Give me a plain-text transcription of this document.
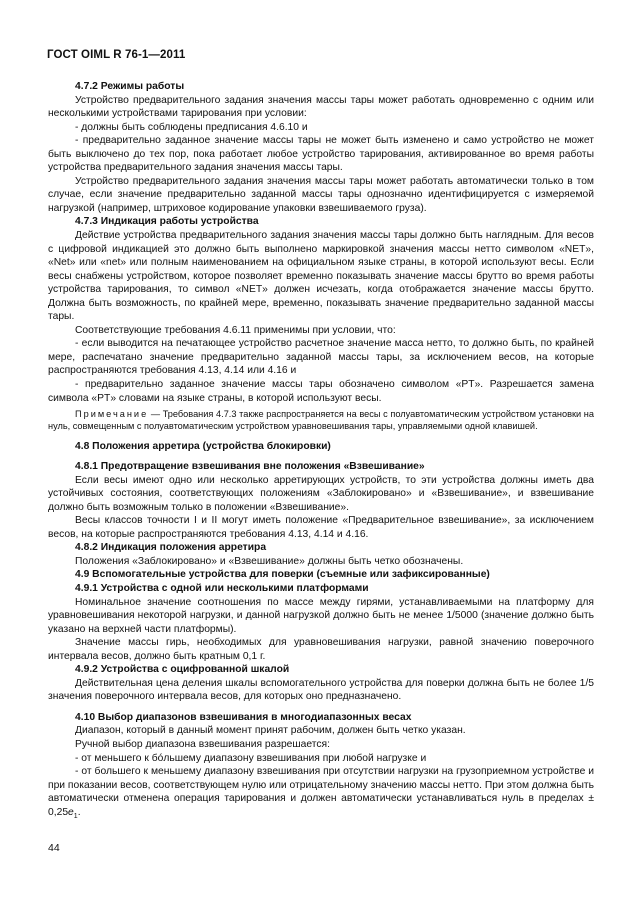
ГОСТ OIML R 76-1—2011
4.7.2 Режимы работы

Устройство предварительного задания значения массы тары может работать одновременно с одним или несколькими устройствами тарирования при условии:

- должны быть соблюдены предписания 4.6.10 и

- предварительно заданное значение массы тары не может быть изменено и само устройство не может быть выключено до тех пор, пока работает любое устройство тарирования, активированное во время работы устройства предварительного задания значения массы тары.

Устройство предварительного задания значения массы тары может работать автоматически только в том случае, если значение предварительно заданной массы тары однозначно идентифицируется с измеряемой нагрузкой (например, штриховое кодирование упаковки взвешиваемого груза).

4.7.3 Индикация работы устройства

Действие устройства предварительного задания значения массы тары должно быть наглядным. Для весов с цифровой индикацией это должно быть выполнено маркировкой значения массы нетто символом «NET», «Net» или «net» или полным наименованием на официальном языке страны, в которой используют весы. Если весы снабжены устройством, которое позволяет временно показывать значение массы брутто во время работы устройства тарирования, то символ «NET» должен исчезать, когда отображается значение массы брутто. Должна быть возможность, по крайней мере, временно, показывать значение предварительно заданной массы тары.

Соответствующие требования 4.6.11 применимы при условии, что:

- если выводится на печатающее устройство расчетное значение масса нетто, то должно быть, по крайней мере, распечатано значение предварительно заданной массы тары, за исключением весов, на которые распространяются требования 4.13, 4.14 или 4.16 и

- предварительно заданное значение массы тары обозначено символом «PT». Разрешается замена символа «PT» словами на языке страны, в которой используют весы.

Примечание — Требования 4.7.3 также распространяется на весы с полуавтоматическим устройством установки на нуль, совмещенным с полуавтоматическим устройством уравновешивания тары, управляемыми одной клавишей.

4.8 Положения арретира (устройства блокировки)
4.8.1 Предотвращение взвешивания вне положения «Взвешивание»

Если весы имеют одно или несколько арретирующих устройств, то эти устройства должны иметь два устойчивых состояния, соответствующих положениям «Заблокировано» и «Взвешивание», и взвешивание должно быть возможным только в положении «Взвешивание».

Весы классов точности I и II могут иметь положение «Предварительное взвешивание», за исключением весов, на которые распространяются требования 4.13, 4.14 и 4.16.

4.8.2 Индикация положения арретира

Положения «Заблокировано» и «Взвешивание» должны быть четко обозначены.

4.9 Вспомогательные устройства для поверки (съемные или зафиксированные)
4.9.1 Устройства с одной или несколькими платформами

Номинальное значение соотношения по массе между гирями, устанавливаемыми на платформу для уравновешивания некоторой нагрузки, и данной нагрузкой должно быть не менее 1/5000 (значение должно быть указано на верхней части платформы).

Значение массы гирь, необходимых для уравновешивания нагрузки, равной значению поверочного интервала весов, должно быть кратным 0,1 г.

4.9.2 Устройства с оцифрованной шкалой

Действительная цена деления шкалы вспомогательного устройства для поверки должна быть не более 1/5 значения поверочного интервала весов, для которых оно предназначено.

4.10 Выбор диапазонов взвешивания в многодиапазонных весах

Диапазон, который в данный момент принят рабочим, должен быть четко указан.

Ручной выбор диапазона взвешивания разрешается:

- от меньшего к бóльшему диапазону взвешивания при любой нагрузке и

- от большего к меньшему диапазону взвешивания при отсутствии нагрузки на грузоприемном устройстве и при показании весов, соответствующем нулю или отрицательному значению массы нетто. При этом должна быть автоматически отменена операция тарирования и должен автоматически устанавливаться нуль в пределах ± $0,25e_1$.

44
